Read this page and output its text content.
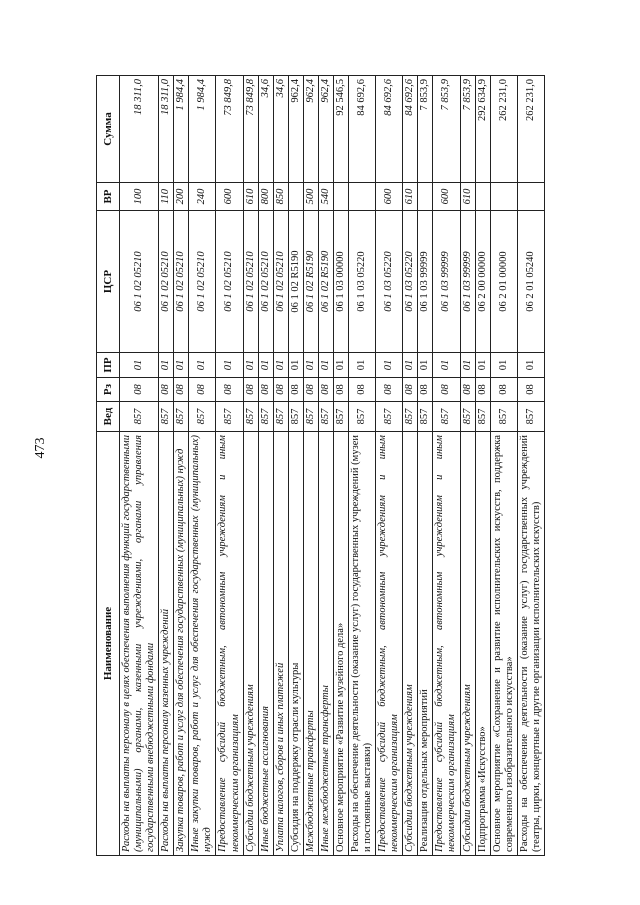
473
Наименование	Вед	Рз	ПР	ЦСР	ВР	Сумма
Расходы на выплаты персоналу в целях обеспечения выполнения функций государственными (муниципальными) органами, казенными учреждениями, органами управления государственными внебюджетными фондами	857	08	01	06 1 02 05210	100	18 311,0
Расходы на выплаты персоналу казенных учреждений	857	08	01	06 1 02 05210	110	18 311,0
Закупка товаров, работ и услуг для обеспечения государственных (муниципальных) нужд	857	08	01	06 1 02 05210	200	1 984,4
Иные закупки товаров, работ и услуг для обеспечения государственных (муниципальных) нужд	857	08	01	06 1 02 05210	240	1 984,4
Предоставление субсидий бюджетным, автономным учреждениям и иным некоммерческим организациям	857	08	01	06 1 02 05210	600	73 849,8
Субсидии бюджетным учреждениям	857	08	01	06 1 02 05210	610	73 849,8
Иные бюджетные ассигнования	857	08	01	06 1 02 05210	800	34,6
Уплата налогов, сборов и иных платежей	857	08	01	06 1 02 05210	850	34,6
Субсидия на поддержку отрасли культуры	857	08	01	06 1 02 R5190		962,4
Межбюджетные трансферты	857	08	01	06 1 02 R5190	500	962,4
Иные межбюджетные трансферты	857	08	01	06 1 02 R5190	540	962,4
Основное мероприятие «Развитие музейного дела»	857	08	01	06 1 03 00000		92 546,5
Расходы на обеспечение деятельности (оказание услуг) государственных учреждений (музеи и постоянные выставки)	857	08	01	06 1 03 05220		84 692,6
Предоставление субсидий бюджетным, автономным учреждениям и иным некоммерческим организациям	857	08	01	06 1 03 05220	600	84 692,6
Субсидии бюджетным учреждениям	857	08	01	06 1 03 05220	610	84 692,6
Реализация отдельных мероприятий	857	08	01	06 1 03 99999		7 853,9
Предоставление субсидий бюджетным, автономным учреждениям и иным некоммерческим организациям	857	08	01	06 1 03 99999	600	7 853,9
Субсидии бюджетным учреждениям	857	08	01	06 1 03 99999	610	7 853,9
Подпрограмма «Искусство»	857	08	01	06 2 00 00000		292 634,9
Основное мероприятие «Сохранение и развитие исполнительских искусств, поддержка современного изобразительного искусства»	857	08	01	06 2 01 00000		262 231,0
Расходы на обеспечение деятельности (оказание услуг) государственных учреждений (театры, цирки, концертные и другие организации исполнительских искусств)	857	08	01	06 2 01 05240		262 231,0
